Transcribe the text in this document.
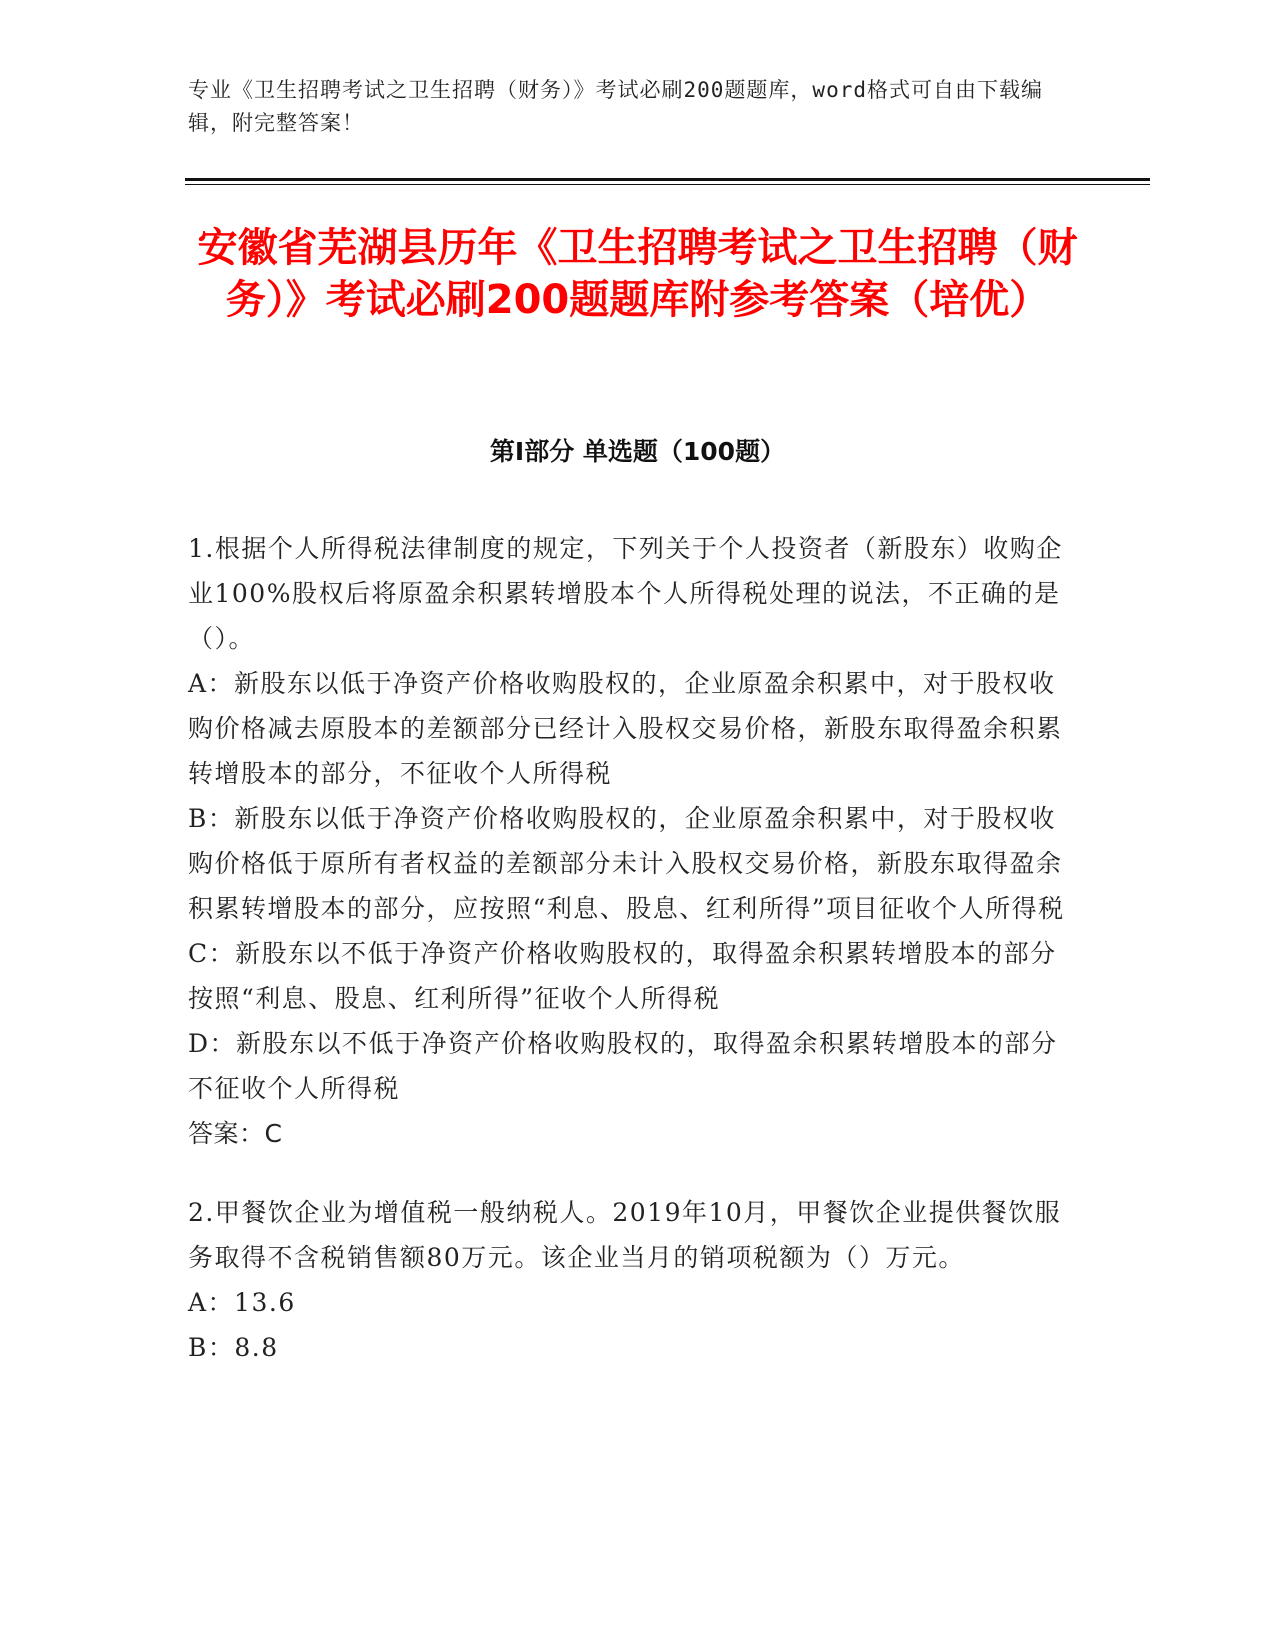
专业《卫生招聘考试之卫生招聘（财务）》考试必刷200题题库，word格式可自由下载编辑，附完整答案！
安徽省芜湖县历年《卫生招聘考试之卫生招聘（财务）》考试必刷200题题库附参考答案（培优）
第Ⅰ部分 单选题（100题）

1.根据个人所得税法律制度的规定，下列关于个人投资者（新股东）收购企业100%股权后将原盈余积累转增股本个人所得税处理的说法，不正确的是（）。

A：新股东以低于净资产价格收购股权的，企业原盈余积累中，对于股权收购价格减去原股本的差额部分已经计入股权交易价格，新股东取得盈余积累转增股本的部分，不征收个人所得税

B：新股东以低于净资产价格收购股权的，企业原盈余积累中，对于股权收购价格低于原所有者权益的差额部分未计入股权交易价格，新股东取得盈余积累转增股本的部分，应按照“利息、股息、红利所得”项目征收个人所得税

C：新股东以不低于净资产价格收购股权的，取得盈余积累转增股本的部分按照“利息、股息、红利所得”征收个人所得税

D：新股东以不低于净资产价格收购股权的，取得盈余积累转增股本的部分不征收个人所得税

答案：C

2.甲餐饮企业为增值税一般纳税人。2019年10月，甲餐饮企业提供餐饮服务取得不含税销售额80万元。该企业当月的销项税额为（）万元。

A：13.6

B：8.8
